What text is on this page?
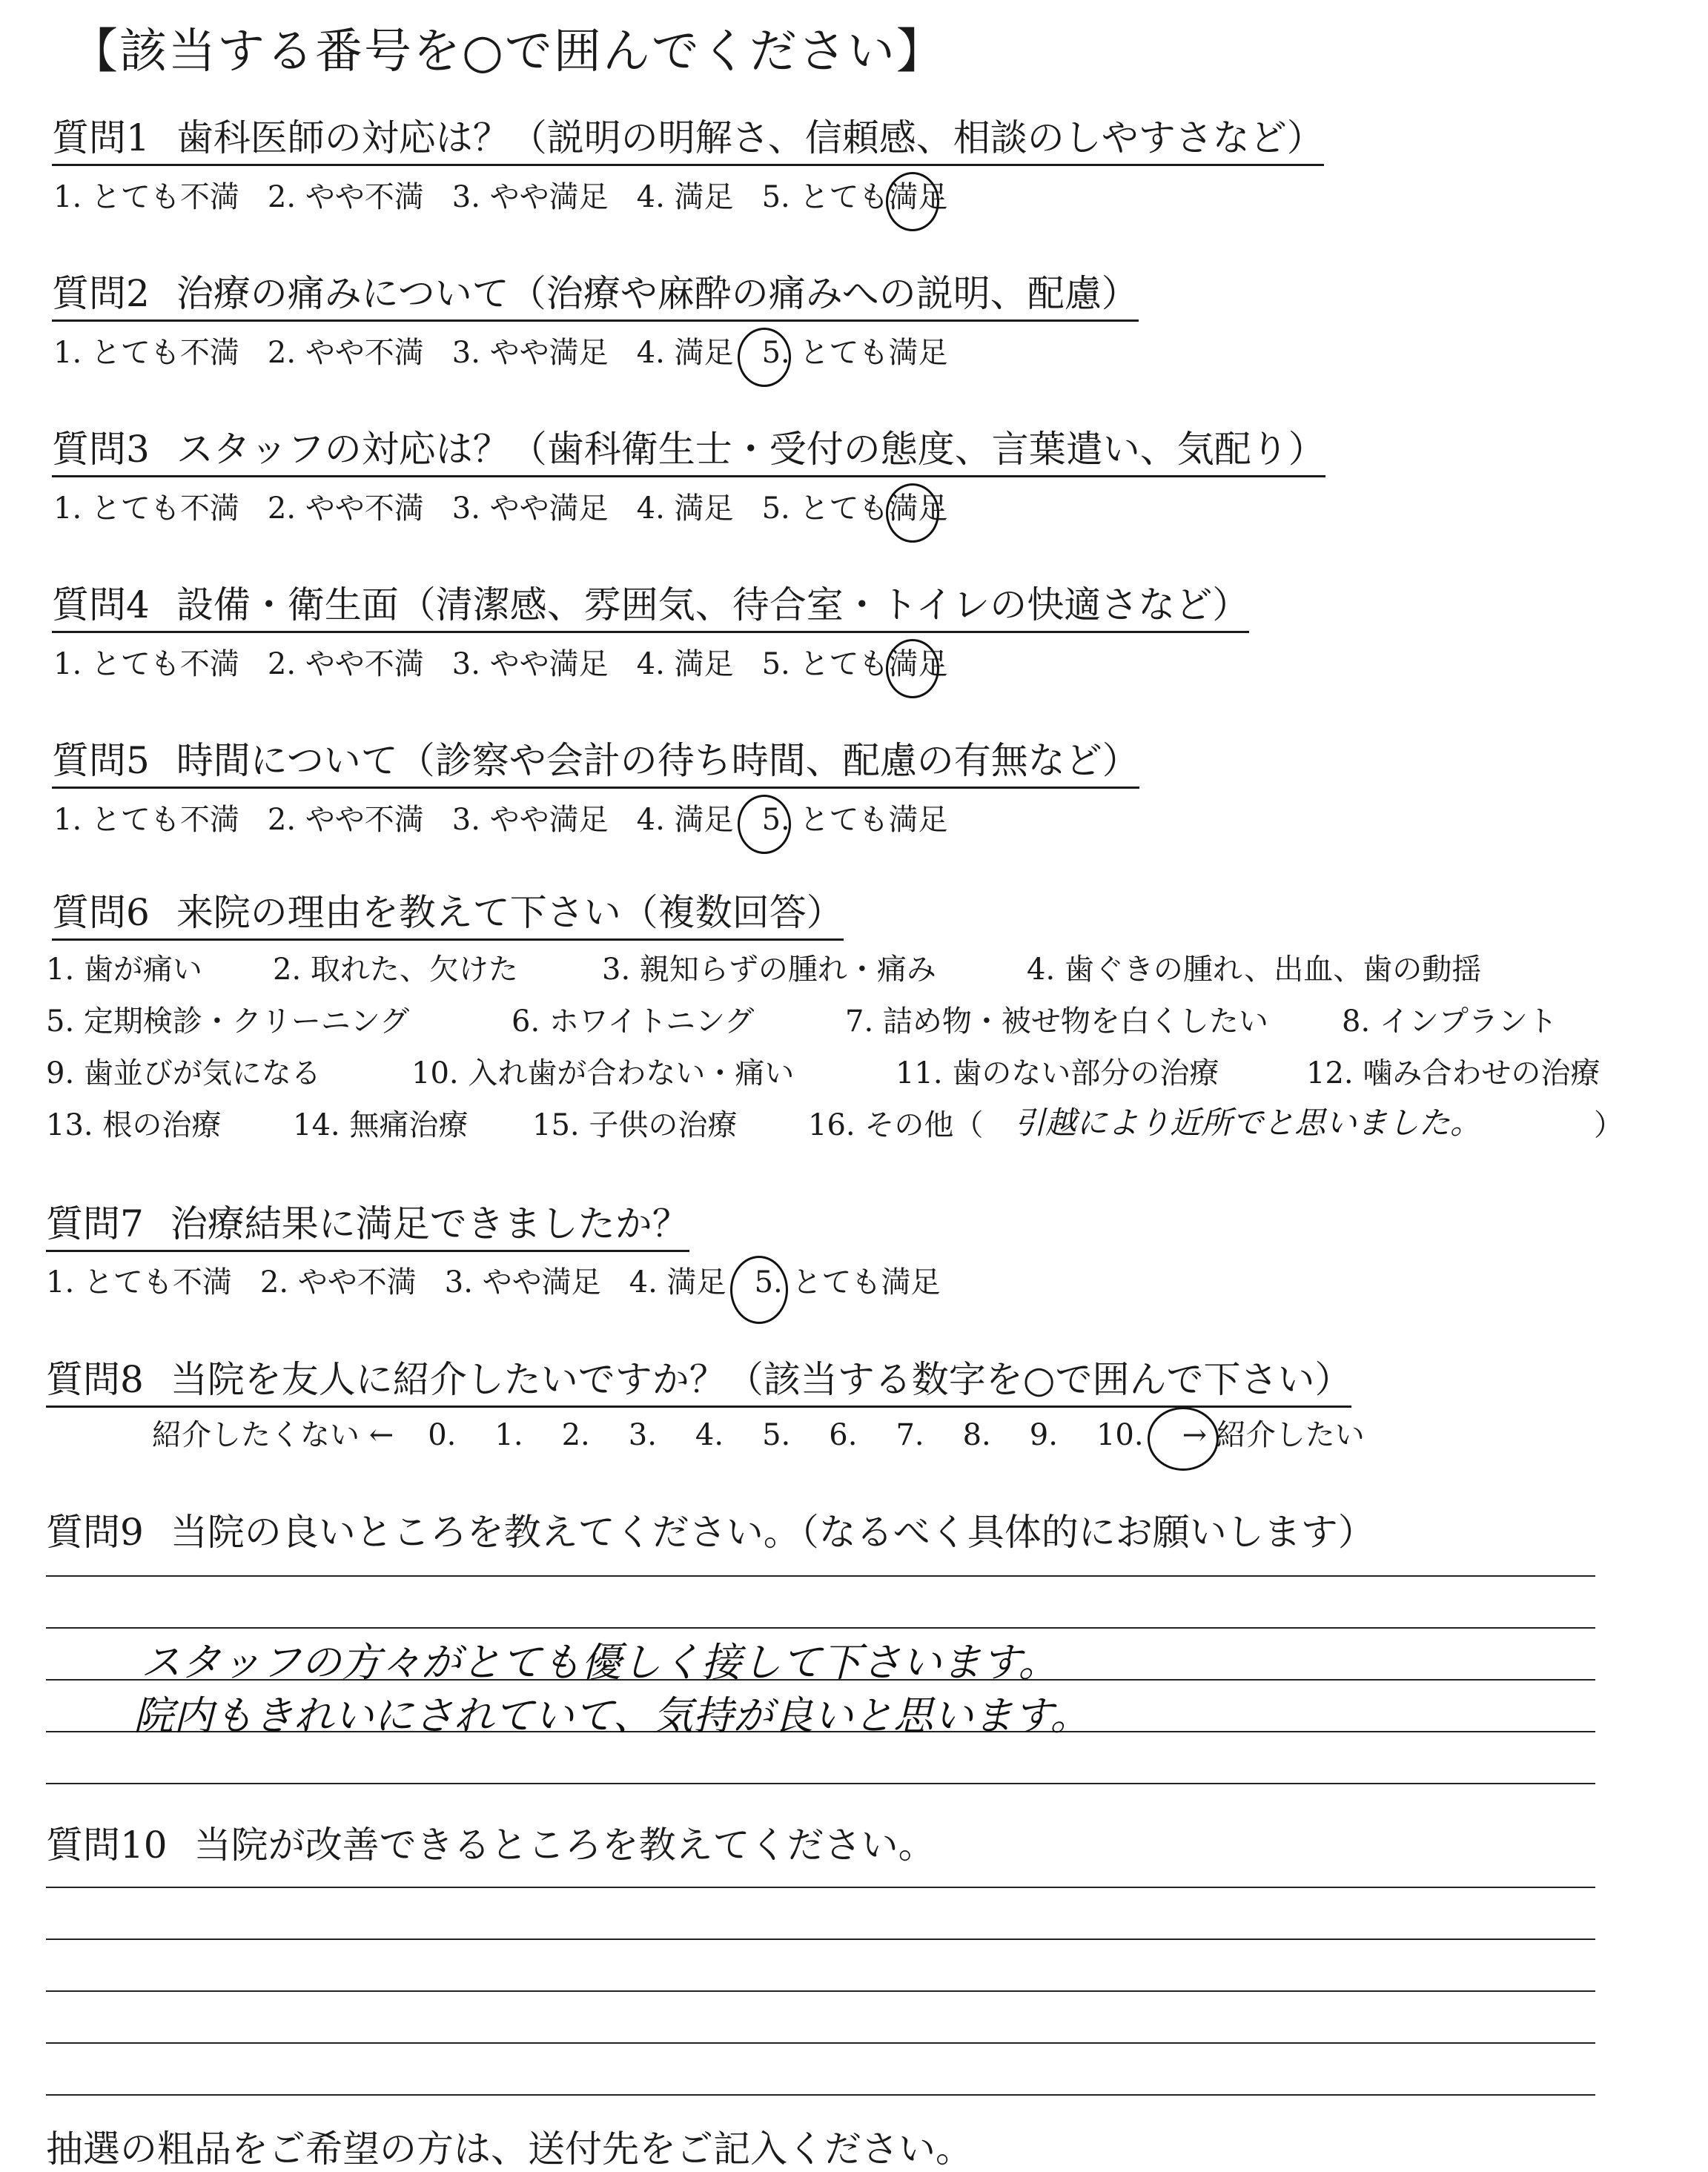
【該当する番号を○で囲んでください】
質問1 歯科医師の対応は？（説明の明解さ、信頼感、相談のしやすさなど）
1. とても不満 2. やや不満 3. やや満足 4. 満足 5. とても満足
質問2 治療の痛みについて（治療や麻酔の痛みへの説明、配慮）
1. とても不満 2. やや不満 3. やや満足 4. 満足 5. とても満足
質問3 スタッフの対応は？（歯科衛生士・受付の態度、言葉遣い、気配り）
1. とても不満 2. やや不満 3. やや満足 4. 満足 5. とても満足
質問4 設備・衛生面（清潔感、雰囲気、待合室・トイレの快適さなど）
1. とても不満 2. やや不満 3. やや満足 4. 満足 5. とても満足
質問5 時間について（診察や会計の待ち時間、配慮の有無など）
1. とても不満 2. やや不満 3. やや満足 4. 満足 5. とても満足
質問6 来院の理由を教えて下さい（複数回答）
1. 歯が痛い 2. 取れた、欠けた	3. 親知らずの腫れ・痛み	4. 歯ぐきの腫れ、出血、歯の動揺
5. 定期検診・クリーニング	6. ホワイトニング	7. 詰め物・被せ物を白くしたい 8. インプラント
9. 歯並びが気になる	10. 入れ歯が合わない・痛い	11. 歯のない部分の治療	12. 噛み合わせの治療
13. 根の治療 14. 無痛治療 15. 子供の治療 16. その他（ 引越により近所でと思いました。	）
質問7 治療結果に満足できましたか？
1. とても不満 2. やや不満 3. やや満足 4. 満足 5. とても満足
質問8 当院を友人に紹介したいですか？（該当する数字を○で囲んで下さい）
紹介したくない ← 0. 1. 2. 3. 4. 5. 6. 7. 8. 9. 10. → 紹介したい
質問9 当院の良いところを教えてください。（なるべく具体的にお願いします）
スタッフの方々がとても優しく接して下さいます。
院内もきれいにされていて、気持が良いと思います。
質問10 当院が改善できるところを教えてください。
抽選の粗品をご希望の方は、送付先をご記入ください。
